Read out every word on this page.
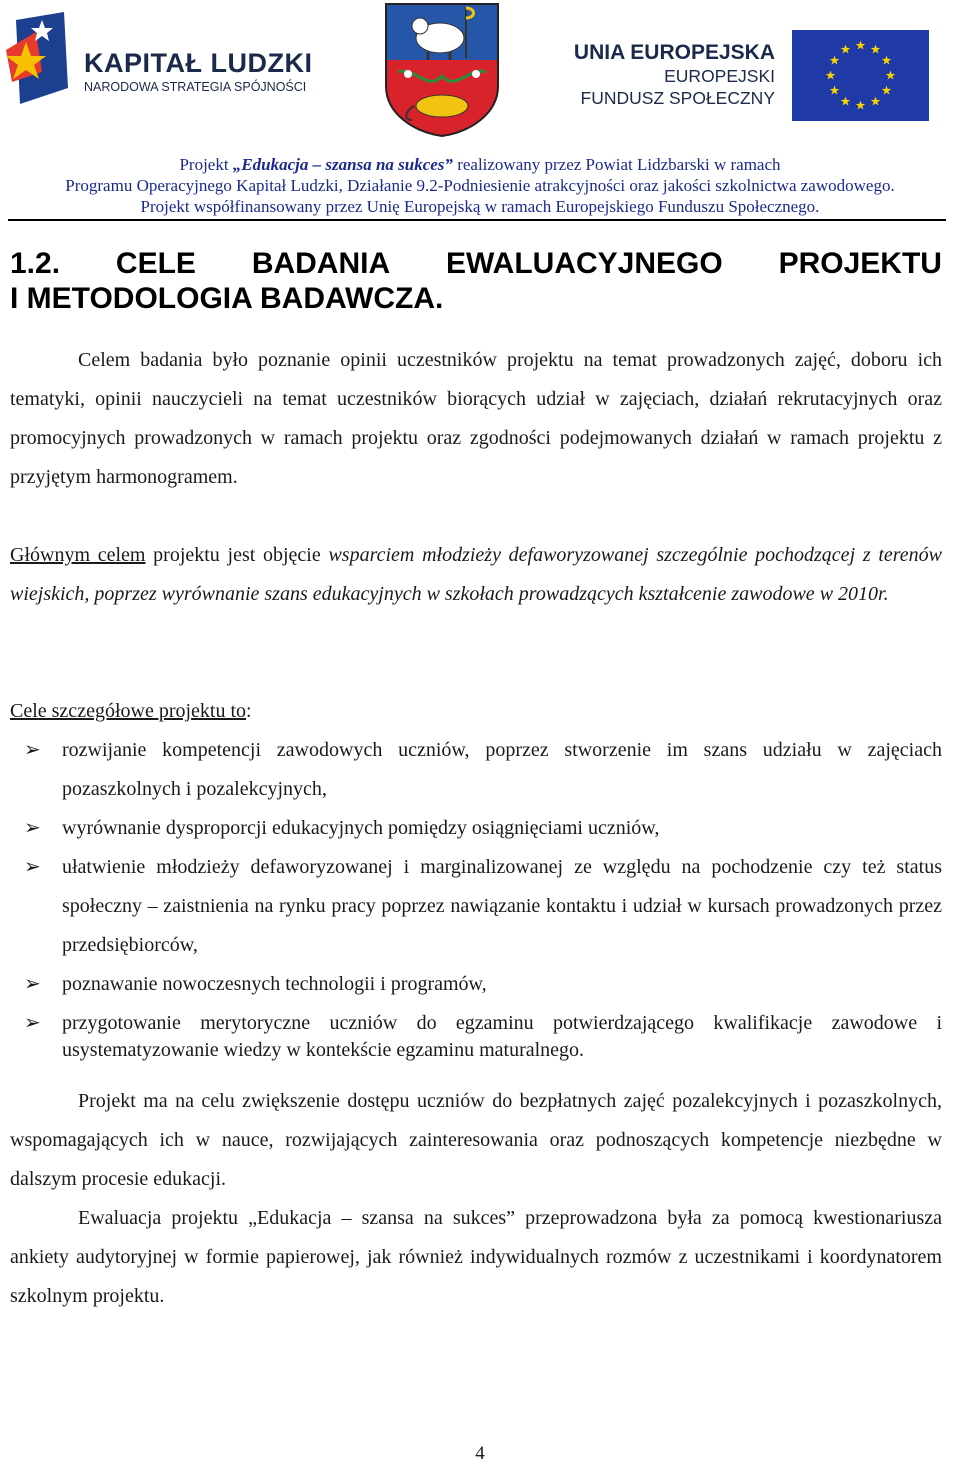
KAPITAŁ LUDZKI
NARODOWA STRATEGIA SPÓJNOŚCI
UNIA EUROPEJSKA
EUROPEJSKI
FUNDUSZ SPOŁECZNY
Projekt „Edukacja – szansa na sukces” realizowany przez Powiat Lidzbarski w ramach
Programu Operacyjnego Kapitał Ludzki, Działanie 9.2-Podniesienie atrakcyjności oraz jakości szkolnictwa zawodowego.
Projekt współfinansowany przez Unię Europejską w ramach Europejskiego Funduszu Społecznego.
1.2. CELE BADANIA EWALUACYJNEGO PROJEKTU
I METODOLOGIA BADAWCZA.

Celem badania było poznanie opinii uczestników projektu na temat prowadzonych zajęć, doboru ich tematyki, opinii nauczycieli na temat uczestników biorących udział w zajęciach, działań rekrutacyjnych oraz promocyjnych prowadzonych w ramach projektu oraz zgodności podejmowanych działań w ramach projektu z przyjętym harmonogramem.

Głównym celem projektu jest objęcie wsparciem młodzieży defaworyzowanej szczególnie pochodzącej z terenów wiejskich, poprzez wyrównanie szans edukacyjnych w szkołach prowadzących kształcenie zawodowe w 2010r.

Cele szczegółowe projektu to:

➢ rozwijanie kompetencji zawodowych uczniów, poprzez stworzenie im szans udziału w zajęciach pozaszkolnych i pozalekcyjnych,
➢ wyrównanie dysproporcji edukacyjnych pomiędzy osiągnięciami uczniów,
➢ ułatwienie młodzieży defaworyzowanej i marginalizowanej ze względu na pochodzenie czy też status społeczny – zaistnienia na rynku pracy poprzez nawiązanie kontaktu i udział w kursach prowadzonych przez przedsiębiorców,
➢ poznawanie nowoczesnych technologii i programów,
➢ przygotowanie merytoryczne uczniów do egzaminu potwierdzającego kwalifikacje zawodowe i usystematyzowanie wiedzy w kontekście egzaminu maturalnego.

Projekt ma na celu zwiększenie dostępu uczniów do bezpłatnych zajęć pozalekcyjnych i pozaszkolnych, wspomagających ich w nauce, rozwijających zainteresowania oraz podnoszących kompetencje niezbędne w dalszym procesie edukacji.

Ewaluacja projektu „Edukacja – szansa na sukces” przeprowadzona była za pomocą kwestionariusza ankiety audytoryjnej w formie papierowej, jak również indywidualnych rozmów z uczestnikami i koordynatorem szkolnym projektu.

4
